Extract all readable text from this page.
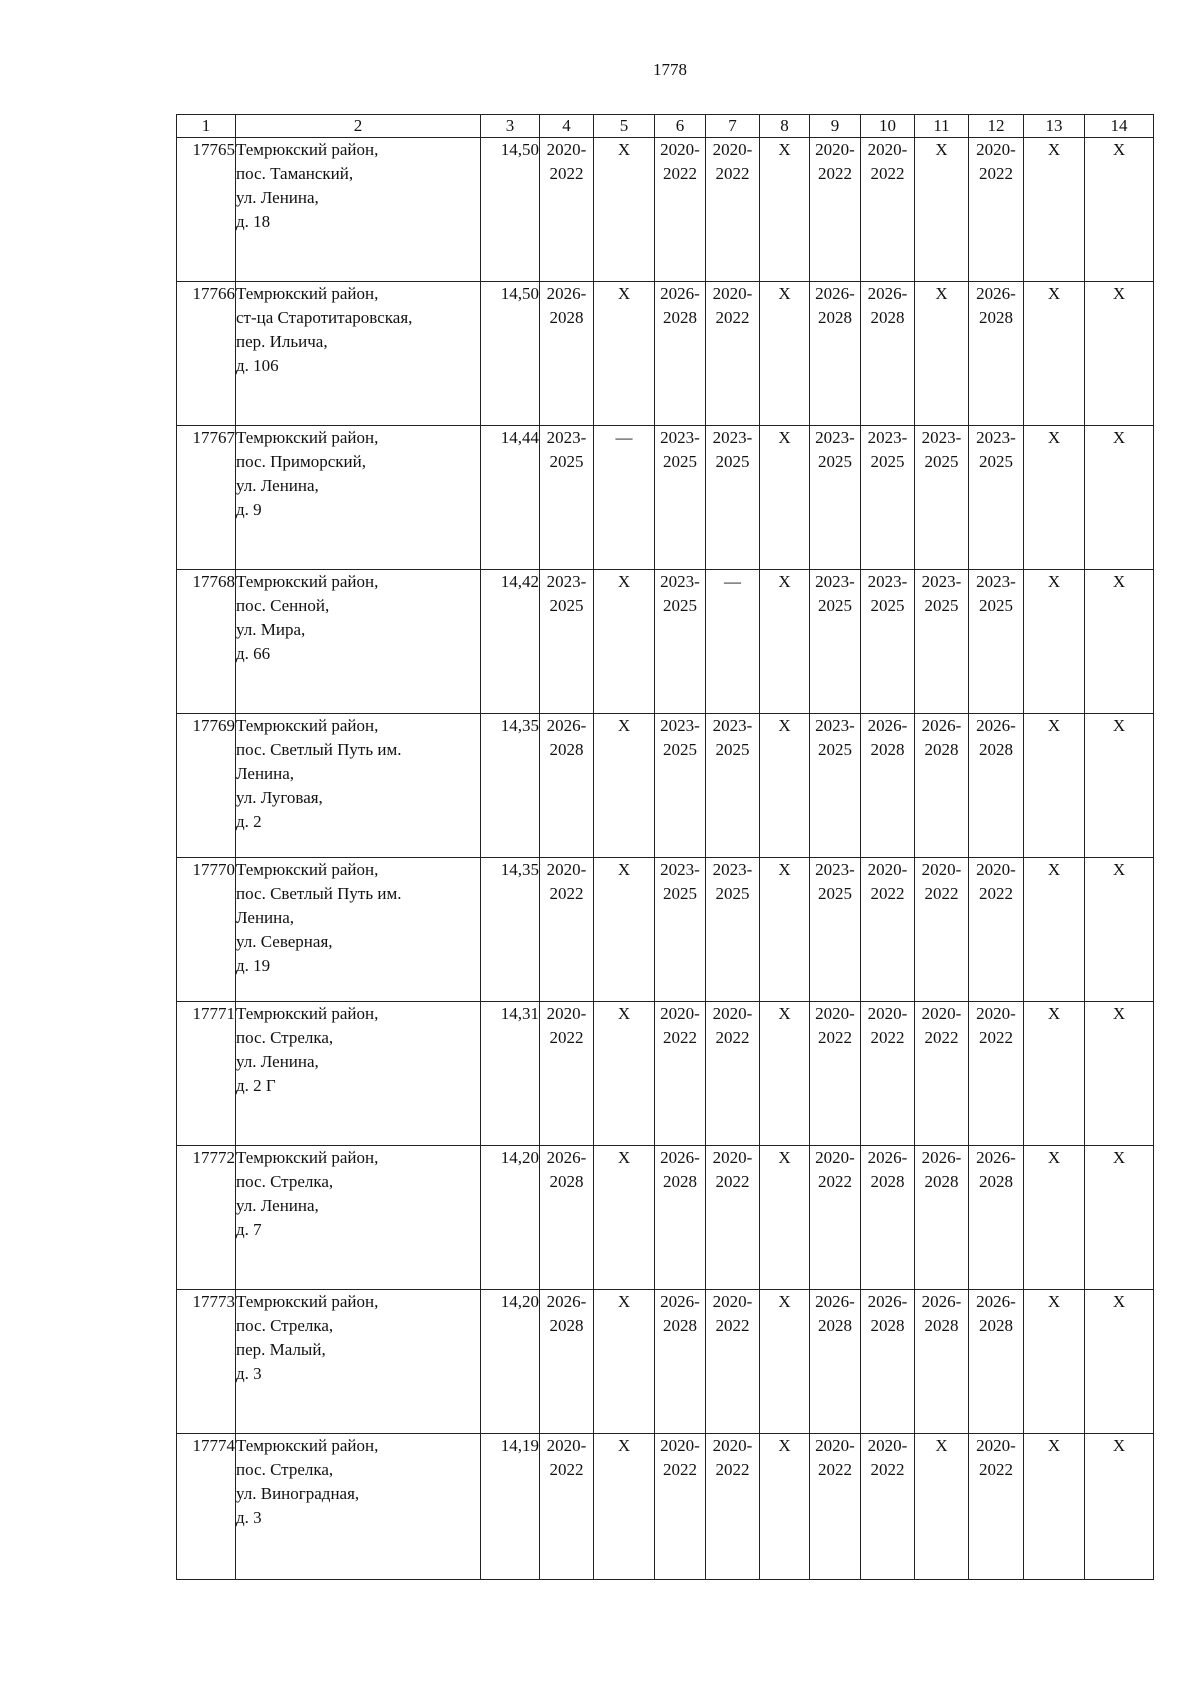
1778
1	2	3	4	5	6	7	8	9	10	11	12	13	14
17765	Темрюкский район,
пос. Таманский,
ул. Ленина,
д. 18	14,50	2020-
2022	X	2020-
2022	2020-
2022	X	2020-
2022	2020-
2022	X	2020-
2022	X	X
17766	Темрюкский район,
ст-ца Старотитаровская,
пер. Ильича,
д. 106	14,50	2026-
2028	X	2026-
2028	2020-
2022	X	2026-
2028	2026-
2028	X	2026-
2028	X	X
17767	Темрюкский район,
пос. Приморский,
ул. Ленина,
д. 9	14,44	2023-
2025	—	2023-
2025	2023-
2025	X	2023-
2025	2023-
2025	2023-
2025	2023-
2025	X	X
17768	Темрюкский район,
пос. Сенной,
ул. Мира,
д. 66	14,42	2023-
2025	X	2023-
2025	—	X	2023-
2025	2023-
2025	2023-
2025	2023-
2025	X	X
17769	Темрюкский район,
пос. Светлый Путь им.
Ленина,
ул. Луговая,
д. 2	14,35	2026-
2028	X	2023-
2025	2023-
2025	X	2023-
2025	2026-
2028	2026-
2028	2026-
2028	X	X
17770	Темрюкский район,
пос. Светлый Путь им.
Ленина,
ул. Северная,
д. 19	14,35	2020-
2022	X	2023-
2025	2023-
2025	X	2023-
2025	2020-
2022	2020-
2022	2020-
2022	X	X
17771	Темрюкский район,
пос. Стрелка,
ул. Ленина,
д. 2 Г	14,31	2020-
2022	X	2020-
2022	2020-
2022	X	2020-
2022	2020-
2022	2020-
2022	2020-
2022	X	X
17772	Темрюкский район,
пос. Стрелка,
ул. Ленина,
д. 7	14,20	2026-
2028	X	2026-
2028	2020-
2022	X	2020-
2022	2026-
2028	2026-
2028	2026-
2028	X	X
17773	Темрюкский район,
пос. Стрелка,
пер. Малый,
д. 3	14,20	2026-
2028	X	2026-
2028	2020-
2022	X	2026-
2028	2026-
2028	2026-
2028	2026-
2028	X	X
17774	Темрюкский район,
пос. Стрелка,
ул. Виноградная,
д. 3	14,19	2020-
2022	X	2020-
2022	2020-
2022	X	2020-
2022	2020-
2022	X	2020-
2022	X	X
